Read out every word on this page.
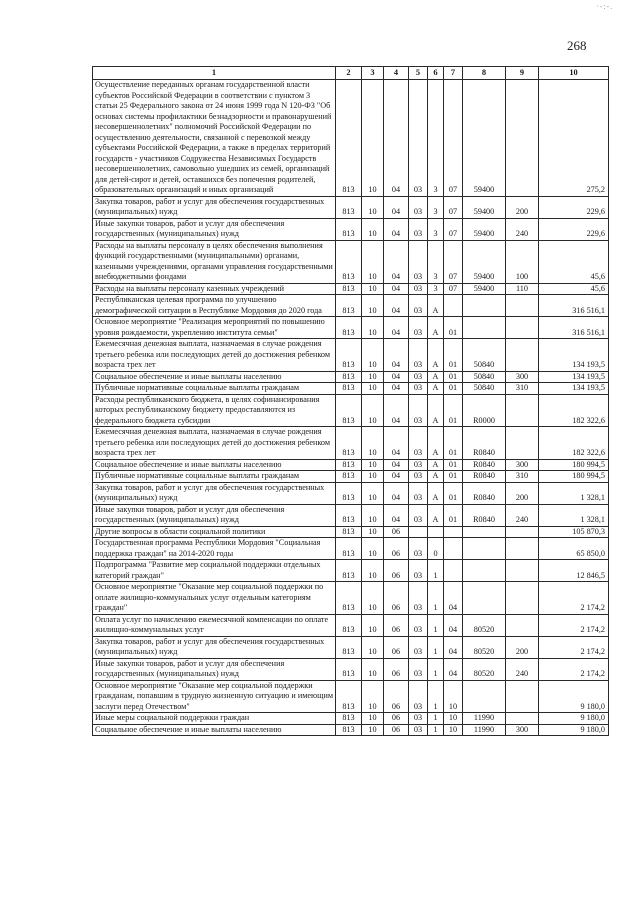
·‑:‑.
268
1	2	3	4	5	6	7	8	9	10
Осуществление переданных органам государственной власти субъектов Российской Федерации в соответствии с пунктом 3 статьи 25 Федерального закона от 24 июня 1999 года N 120-ФЗ "Об основах системы профилактики безнадзорности и правонарушений несовершеннолетних" полномочий Российской Федерации по осуществлению деятельности, связанной с перевозкой между субъектами Российской Федерации, а также в пределах территорий государств - участников Содружества Независимых Государств несовершеннолетних, самовольно ушедших из семей, организаций для детей-сирот и детей, оставшихся без попечения родителей, образовательных организаций и иных организаций	813	10	04	03	3	07	59400		275,2
Закупка товаров, работ и услуг для обеспечения государственных (муниципальных) нужд	813	10	04	03	3	07	59400	200	229,6
Иные закупки товаров, работ и услуг для обеспечения государственных (муниципальных) нужд	813	10	04	03	3	07	59400	240	229,6
Расходы на выплаты персоналу в целях обеспечения выполнения функций государственными (муниципальными) органами, казенными учреждениями, органами управления государственными внебюджетными фондами	813	10	04	03	3	07	59400	100	45,6
Расходы на выплаты персоналу казенных учреждений	813	10	04	03	3	07	59400	110	45,6
Республиканская целевая программа по улучшению демографической ситуации в Республике Мордовия до 2020 года	813	10	04	03	А				316 516,1
Основное мероприятие "Реализация мероприятий по повышению уровня рождаемости, укреплению института семьи"	813	10	04	03	А	01			316 516,1
Ежемесячная денежная выплата, назначаемая в случае рождения третьего ребенка или последующих детей до достижения ребенком возраста трех лет	813	10	04	03	А	01	50840		134 193,5
Социальное обеспечение и иные выплаты населению	813	10	04	03	А	01	50840	300	134 193,5
Публичные нормативные социальные выплаты гражданам	813	10	04	03	А	01	50840	310	134 193,5
Расходы республиканского бюджета, в целях софинансирования которых республиканскому бюджету предоставляются из федерального бюджета субсидии	813	10	04	03	А	01	R0000		182 322,6
Ежемесячная денежная выплата, назначаемая в случае рождения третьего ребенка или последующих детей до достижения ребенком возраста трех лет	813	10	04	03	А	01	R0840		182 322,6
Социальное обеспечение и иные выплаты населению	813	10	04	03	А	01	R0840	300	180 994,5
Публичные нормативные социальные выплаты гражданам	813	10	04	03	А	01	R0840	310	180 994,5
Закупка товаров, работ и услуг для обеспечения государственных (муниципальных) нужд	813	10	04	03	А	01	R0840	200	1 328,1
Иные закупки товаров, работ и услуг для обеспечения государственных (муниципальных) нужд	813	10	04	03	А	01	R0840	240	1 328,1
Другие вопросы в области социальной политики	813	10	06						105 870,3
Государственная программа Республики Мордовия "Социальная поддержка граждан" на 2014-2020 годы	813	10	06	03	0				65 850,0
Подпрограмма "Развитие мер социальной поддержки отдельных категорий граждан"	813	10	06	03	1				12 846,5
Основное мероприятие "Оказание мер социальной поддержки по оплате жилищно-коммунальных услуг отдельным категориям граждан"	813	10	06	03	1	04			2 174,2
Оплата услуг по начислению ежемесячной компенсации по оплате жилищно-коммунальных услуг	813	10	06	03	1	04	80520		2 174,2
Закупка товаров, работ и услуг для обеспечения государственных (муниципальных) нужд	813	10	06	03	1	04	80520	200	2 174,2
Иные закупки товаров, работ и услуг для обеспечения государственных (муниципальных) нужд	813	10	06	03	1	04	80520	240	2 174,2
Основное мероприятие "Оказание мер социальной поддержки гражданам, попавшим в трудную жизненную ситуацию и имеющим заслуги перед Отечеством"	813	10	06	03	1	10			9 180,0
Иные меры социальной поддержки граждан	813	10	06	03	1	10	11990		9 180,0
Социальное обеспечение и иные выплаты населению	813	10	06	03	1	10	11990	300	9 180,0
